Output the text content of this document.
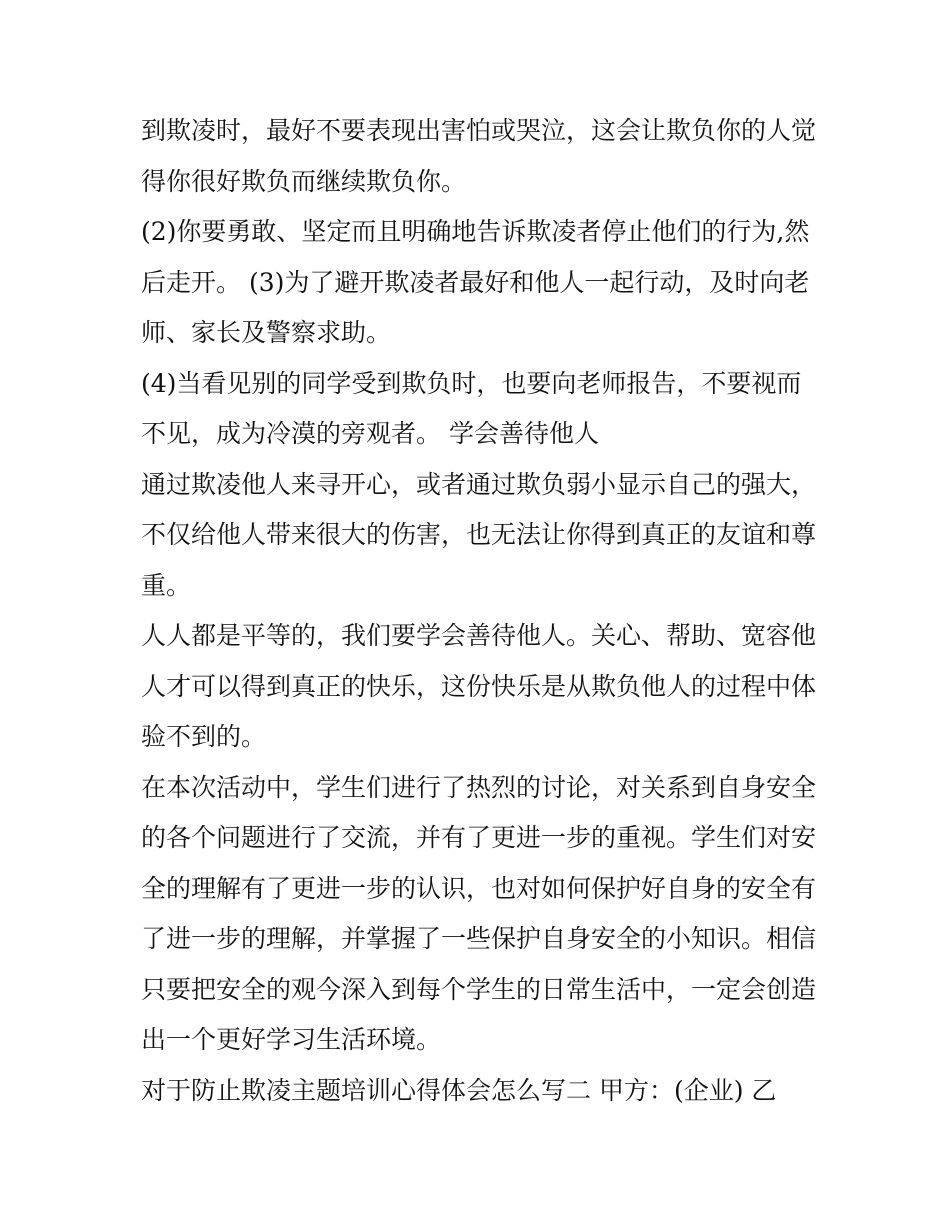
到欺凌时，最好不要表现出害怕或哭泣，这会让欺负你的人觉
得你很好欺负而继续欺负你。
(2)你要勇敢、坚定而且明确地告诉欺凌者停止他们的行为,然
后走开。 (3)为了避开欺凌者最好和他人一起行动，及时向老
师、家长及警察求助。
(4)当看见别的同学受到欺负时，也要向老师报告，不要视而
不见，成为冷漠的旁观者。 学会善待他人
通过欺凌他人来寻开心，或者通过欺负弱小显示自己的强大，
不仅给他人带来很大的伤害，也无法让你得到真正的友谊和尊
重。
人人都是平等的，我们要学会善待他人。关心、帮助、宽容他
人才可以得到真正的快乐，这份快乐是从欺负他人的过程中体
验不到的。
在本次活动中，学生们进行了热烈的讨论，对关系到自身安全
的各个问题进行了交流，并有了更进一步的重视。学生们对安
全的理解有了更进一步的认识，也对如何保护好自身的安全有
了进一步的理解，并掌握了一些保护自身安全的小知识。相信
只要把安全的观今深入到每个学生的日常生活中，一定会创造
出一个更好学习生活环境。
对于防止欺凌主题培训心得体会怎么写二 甲方：(企业) 乙
